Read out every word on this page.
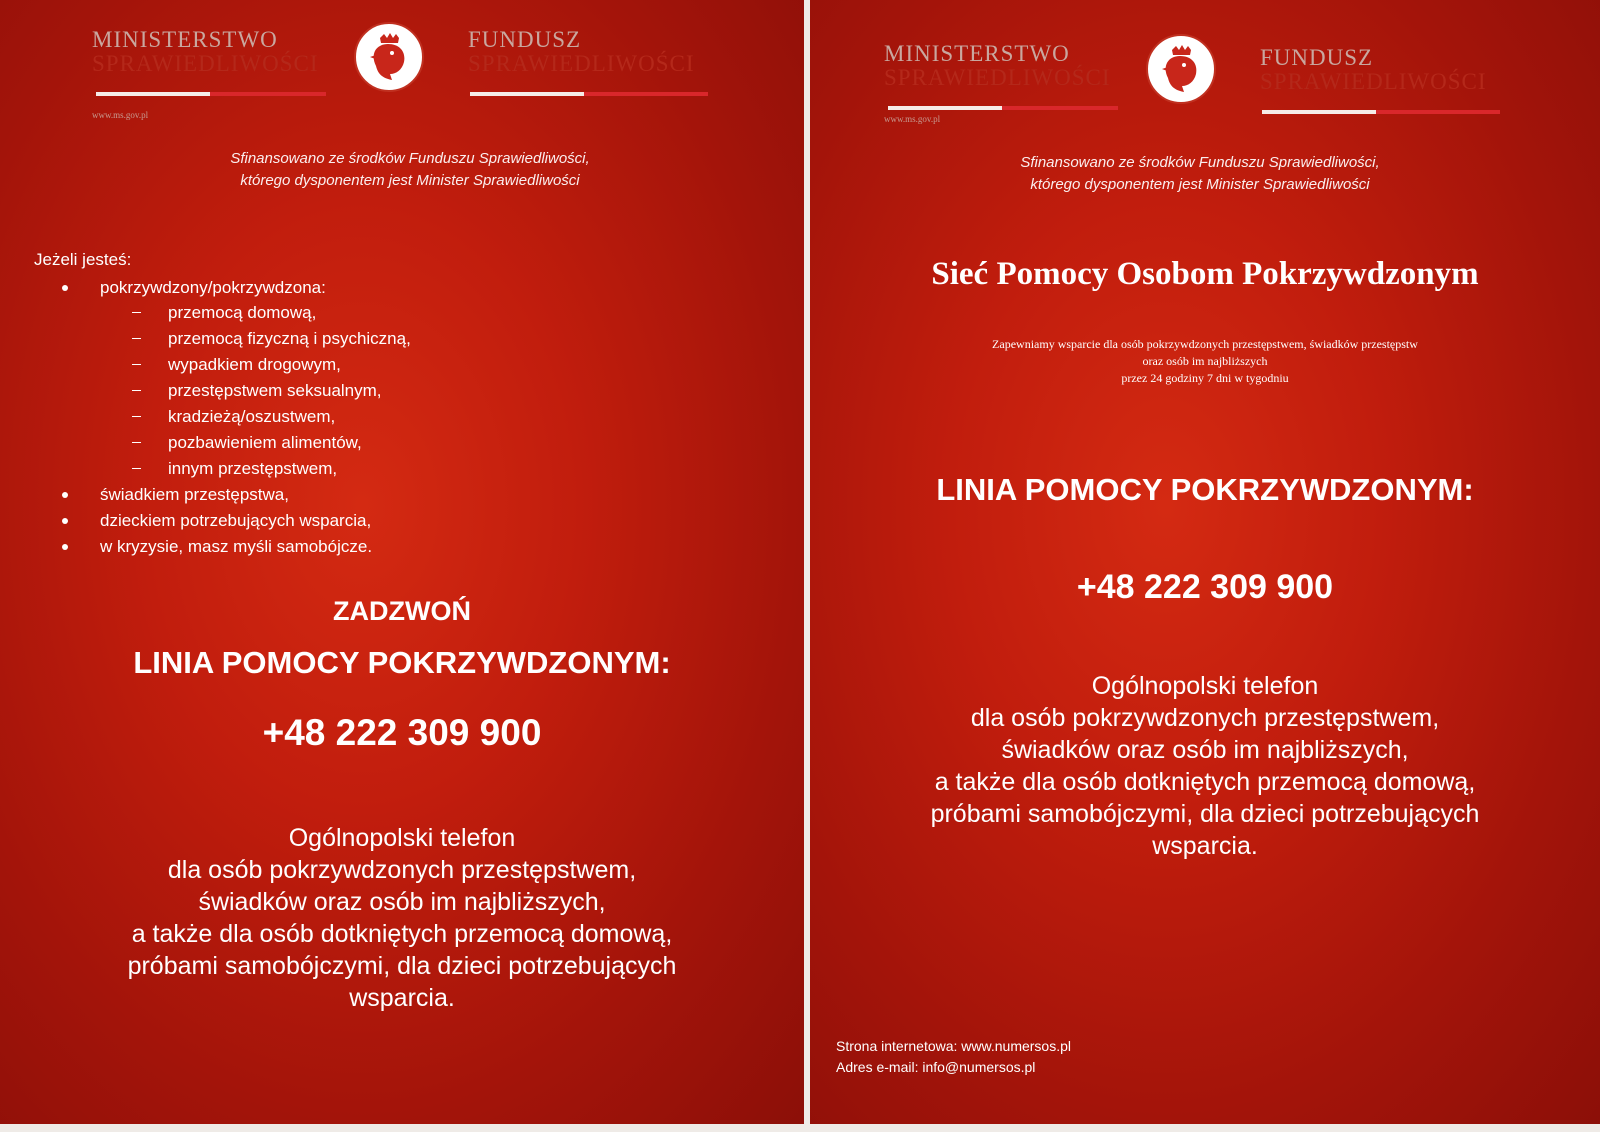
MINISTERSTWO
SPRAWIEDLIWOŚCI
www.ms.gov.pl
FUNDUSZ
SPRAWIEDLIWOŚCI
Sfinansowano ze środków Funduszu Sprawiedliwości,
którego dysponentem jest Minister Sprawiedliwości
Jeżeli jesteś:
pokrzywdzony/pokrzywdzona:
przemocą domową,
przemocą fizyczną i psychiczną,
wypadkiem drogowym,
przestępstwem seksualnym,
kradzieżą/oszustwem,
pozbawieniem alimentów,
innym przestępstwem,
świadkiem przestępstwa,
dzieckiem potrzebujących wsparcia,
w kryzysie, masz myśli samobójcze.
ZADZWOŃ
LINIA POMOCY POKRZYWDZONYM:
+48 222 309 900
Ogólnopolski telefon
dla osób pokrzywdzonych przestępstwem,
świadków oraz osób im najbliższych,
a także dla osób dotkniętych przemocą domową,
próbami samobójczymi, dla dzieci potrzebujących
wsparcia.
MINISTERSTWO
SPRAWIEDLIWOŚCI
www.ms.gov.pl
FUNDUSZ
SPRAWIEDLIWOŚCI
Sfinansowano ze środków Funduszu Sprawiedliwości,
którego dysponentem jest Minister Sprawiedliwości
Sieć Pomocy Osobom Pokrzywdzonym
Zapewniamy wsparcie dla osób pokrzywdzonych przestępstwem, świadków przestępstw
oraz osób im najbliższych
przez 24 godziny 7 dni w tygodniu
LINIA POMOCY POKRZYWDZONYM:
+48 222 309 900
Ogólnopolski telefon
dla osób pokrzywdzonych przestępstwem,
świadków oraz osób im najbliższych,
a także dla osób dotkniętych przemocą domową,
próbami samobójczymi, dla dzieci potrzebujących
wsparcia.
Strona internetowa: www.numersos.pl
Adres e-mail: info@numersos.pl
